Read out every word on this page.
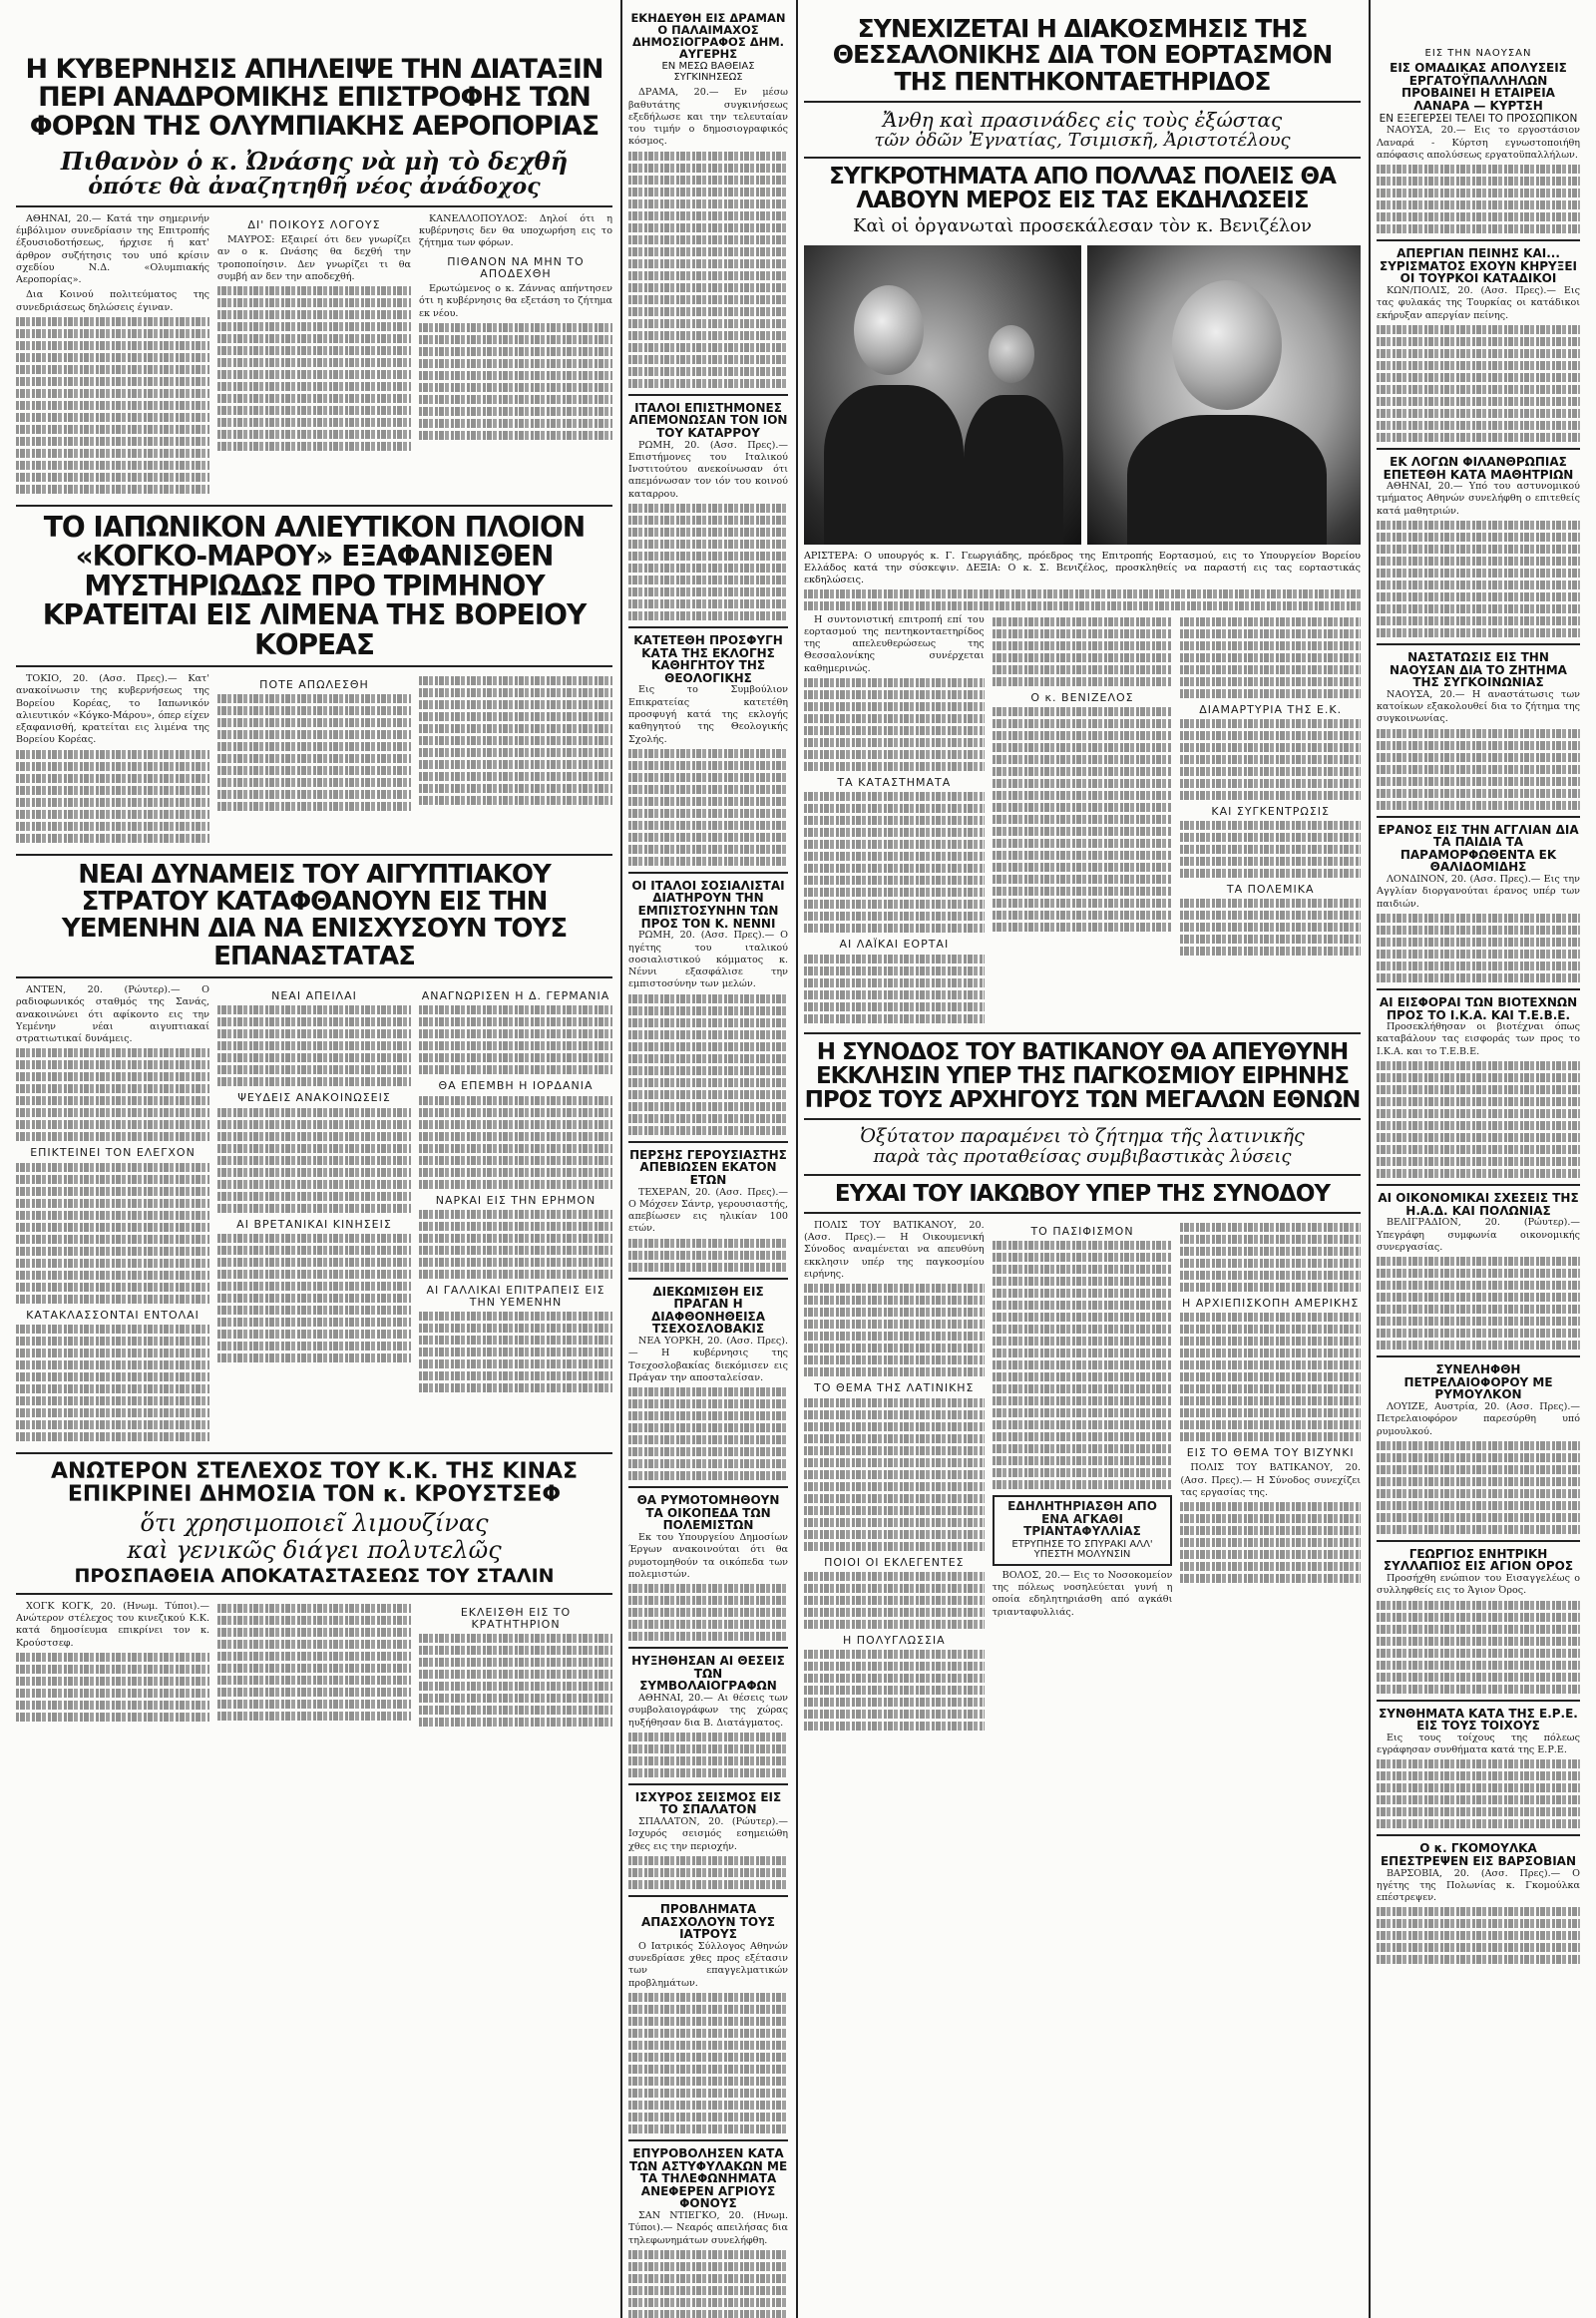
Η ΚΥΒΕΡΝΗΣΙΣ ΑΠΗΛΕΙΨΕ ΤΗΝ ΔΙΑΤΑΞΙΝ ΠΕΡΙ ΑΝΑΔΡΟΜΙΚΗΣ ΕΠΙΣΤΡΟΦΗΣ ΤΩΝ ΦΟΡΩΝ ΤΗΣ ΟΛΥΜΠΙΑΚΗΣ ΑΕΡΟΠΟΡΙΑΣ
Πιθανὸν ὁ κ. Ὠνάσης νὰ μὴ τὸ δεχθῆ
ὁπότε θὰ ἀναζητηθῆ νέος ἀνάδοχος

ΑΘΗΝΑΙ, 20.— Κατά την σημερινήν έμβόλιμον συνεδρίασιν της Επιτροπής έξουσιοδοτήσεως, ήρχισε ή κατ' άρθρον συζήτησις του υπό κρίσιν σχεδίου Ν.Δ. «Ολυμπιακής Αεροπορίας».

Δια Κοινού πολιτεύματος της συνεδριάσεως δηλώσεις έγιναν.

ΔΙ' ΠΟΙΚΟΥΣ ΛΟΓΟΥΣ

ΜΑΥΡΟΣ: Εξαιρεί ότι δεν γνωρίζει αν ο κ. Ωνάσης θα δεχθή την τροποποίησιν. Δεν γνωρίζει τι θα συμβή αν δεν την αποδεχθή.

ΚΑΝΕΛΛΟΠΟΥΛΟΣ: Δηλοί ότι η κυβέρνησις δεν θα υποχωρήση εις το ζήτημα των φόρων.

ΠΙΘΑΝΟΝ ΝΑ ΜΗΝ ΤΟ ΑΠΟΔΕΧΘΗ

Ερωτώμενος ο κ. Ζάννας απήντησεν ότι η κυβέρνησις θα εξετάση το ζήτημα εκ νέου.

ΤΟ ΙΑΠΩΝΙΚΟΝ ΑΛΙΕΥΤΙΚΟΝ ΠΛΟΙΟΝ «ΚΟΓΚΟ-ΜΑΡΟΥ» ΕΞΑΦΑΝΙΣΘΕΝ ΜΥΣΤΗΡΙΩΔΩΣ ΠΡΟ ΤΡΙΜΗΝΟΥ ΚΡΑΤΕΙΤΑΙ ΕΙΣ ΛΙΜΕΝΑ ΤΗΣ ΒΟΡΕΙΟΥ ΚΟΡΕΑΣ

ΤΟΚΙΟ, 20. (Ασσ. Πρες).— Κατ' ανακοίνωσιν της κυβερνήσεως της Βορείου Κορέας, το Ιαπωνικόν αλιευτικόν «Κόγκο-Μάρου», όπερ είχεν εξαφανισθή, κρατείται εις λιμένα της Βορείου Κορέας.

ΠΟΤΕ ΑΠΩΛΕΣΘΗ
ΝΕΑΙ ΔΥΝΑΜΕΙΣ ΤΟΥ ΑΙΓΥΠΤΙΑΚΟΥ ΣΤΡΑΤΟΥ ΚΑΤΑΦΘΑΝΟΥΝ ΕΙΣ ΤΗΝ ΥΕΜΕΝΗΝ ΔΙΑ ΝΑ ΕΝΙΣΧΥΣΟΥΝ ΤΟΥΣ ΕΠΑΝΑΣΤΑΤΑΣ

ΑΝΤΕΝ, 20. (Ρώυτερ).— Ο ραδιοφωνικός σταθμός της Σανάς, ανακοινώνει ότι αφίκοντο εις την Υεμένην νέαι αιγυπτιακαί στρατιωτικαί δυνάμεις.

ΕΠΙΚΤΕΙΝΕΙ ΤΟΝ ΕΛΕΓΧΟΝ
ΚΑΤΑΚΛΑΣΣΟΝΤΑΙ ΕΝΤΟΛΑΙ
ΝΕΑΙ ΑΠΕΙΛΑΙ
ΨΕΥΔΕΙΣ ΑΝΑΚΟΙΝΩΣΕΙΣ
ΑΙ ΒΡΕΤΑΝΙΚΑΙ ΚΙΝΗΣΕΙΣ
ΑΝΑΓΝΩΡΙΣΕΝ Η Δ. ΓΕΡΜΑΝΙΑ
ΘΑ ΕΠΕΜΒΗ Η ΙΟΡΔΑΝΙΑ
ΝΑΡΚΑΙ ΕΙΣ ΤΗΝ ΕΡΗΜΟΝ
ΑΙ ΓΑΛΛΙΚΑΙ ΕΠΙΤΡΑΠΕΙΣ ΕΙΣ ΤΗΝ ΥΕΜΕΝΗΝ
ΑΝΩΤΕΡΟΝ ΣΤΕΛΕΧΟΣ ΤΟΥ Κ.Κ. ΤΗΣ ΚΙΝΑΣ ΕΠΙΚΡΙΝΕΙ ΔΗΜΟΣΙΑ ΤΟΝ κ. ΚΡΟΥΣΤΣΕΦ
ὅτι χρησιμοποιεῖ λιμουζίνας
καὶ γενικῶς διάγει πολυτελῶς
ΠΡΟΣΠΑΘΕΙΑ ΑΠΟΚΑΤΑΣΤΑΣΕΩΣ ΤΟΥ ΣΤΑΛΙΝ

ΧΟΓΚ ΚΟΓΚ, 20. (Ηνωμ. Τύποι).— Ανώτερον στέλεχος του κινεζικού Κ.Κ. κατά δημοσίευμα επικρίνει τον κ. Κρούστσεφ.

ΕΚΛΕΙΣΘΗ ΕΙΣ ΤΟ ΚΡΑΤΗΤΗΡΙΟΝ
ΕΚΗΔΕΥΘΗ ΕΙΣ ΔΡΑΜΑΝ Ο ΠΑΛΑΙΜΑΧΟΣ ΔΗΜΟΣΙΟΓΡΑΦΟΣ ΔΗΜ. ΑΥΓΕΡΗΣ
ΕΝ ΜΕΣΩ ΒΑΘΕΙΑΣ ΣΥΓΚΙΝΗΣΕΩΣ

ΔΡΑΜΑ, 20.— Εν μέσω βαθυτάτης συγκινήσεως εξεδήλωσε και την τελευταίαν του τιμήν ο δημοσιογραφικός κόσμος.

ΙΤΑΛΟΙ ΕΠΙΣΤΗΜΟΝΕΣ ΑΠΕΜΟΝΩΣΑΝ ΤΟΝ ΙΟΝ ΤΟΥ ΚΑΤΑΡΡΟΥ

ΡΩΜΗ, 20. (Ασσ. Πρες).— Επιστήμονες του Ιταλικού Ινστιτούτου ανεκοίνωσαν ότι απεμόνωσαν τον ιόν του κοινού καταρρου.

ΚΑΤΕΤΕΘΗ ΠΡΟΣΦΥΓΗ ΚΑΤΑ ΤΗΣ ΕΚΛΟΓΗΣ ΚΑΘΗΓΗΤΟΥ ΤΗΣ ΘΕΟΛΟΓΙΚΗΣ

Εις το Συμβούλιον Επικρατείας κατετέθη προσφυγή κατά της εκλογής καθηγητού της Θεολογικής Σχολής.

ΟΙ ΙΤΑΛΟΙ ΣΟΣΙΑΛΙΣΤΑΙ ΔΙΑΤΗΡΟΥΝ ΤΗΝ ΕΜΠΙΣΤΟΣΥΝΗΝ ΤΩΝ ΠΡΟΣ ΤΟΝ Κ. ΝΕΝΝΙ

ΡΩΜΗ, 20. (Ασσ. Πρες).— Ο ηγέτης του ιταλικού σοσιαλιστικού κόμματος κ. Νέννι εξασφάλισε την εμπιστοσύνην των μελών.

ΠΕΡΣΗΣ ΓΕΡΟΥΣΙΑΣΤΗΣ ΑΠΕΒΙΩΣΕΝ ΕΚΑΤΟΝ ΕΤΩΝ

ΤΕΧΕΡΑΝ, 20. (Ασσ. Πρες).— Ο Μόχσεν Σάντρ, γερουσιαστής, απεβίωσεν εις ηλικίαν 100 ετών.

ΔΙΕΚΩΜΙΣΘΗ ΕΙΣ ΠΡΑΓΑΝ Η ΔΙΑΦΘΟΝΗΘΕΙΣΑ ΤΣΕΧΟΣΛΟΒΑΚΙΣ

ΝΕΑ ΥΟΡΚΗ, 20. (Ασσ. Πρες).— Η κυβέρνησις της Τσεχοσλοβακίας διεκόμισεν εις Πράγαν την αποσταλείσαν.

ΘΑ ΡΥΜΟΤΟΜΗΘΟΥΝ ΤΑ ΟΙΚΟΠΕΔΑ ΤΩΝ ΠΟΛΕΜΙΣΤΩΝ

Εκ του Υπουργείου Δημοσίων Έργων ανακοινούται ότι θα ρυμοτομηθούν τα οικόπεδα των πολεμιστών.

ΗΥΞΗΘΗΣΑΝ ΑΙ ΘΕΣΕΙΣ ΤΩΝ ΣΥΜΒΟΛΑΙΟΓΡΑΦΩΝ

ΑΘΗΝΑΙ, 20.— Αι θέσεις των συμβολαιογράφων της χώρας ηυξήθησαν δια Β. Διατάγματος.

ΙΣΧΥΡΟΣ ΣΕΙΣΜΟΣ ΕΙΣ ΤΟ ΣΠΑΛΑΤΟΝ

ΣΠΑΛΑΤΟΝ, 20. (Ρώυτερ).— Ισχυρός σεισμός εσημειώθη χθες εις την περιοχήν.

ΠΡΟΒΛΗΜΑΤΑ ΑΠΑΣΧΟΛΟΥΝ ΤΟΥΣ ΙΑΤΡΟΥΣ

Ο Ιατρικός Σύλλογος Αθηνών συνεδρίασε χθες προς εξέτασιν των επαγγελματικών προβλημάτων.

ΕΠΥΡΟΒΟΛΗΣΕΝ ΚΑΤΑ ΤΩΝ ΑΣΤΥΦΥΛΑΚΩΝ ΜΕ ΤΑ ΤΗΛΕΦΩΝΗΜΑΤΑ ΑΝΕΦΕΡΕΝ ΑΓΡΙΟΥΣ ΦΟΝΟΥΣ

ΣΑΝ ΝΤΙΕΓΚΟ, 20. (Ηνωμ. Τύποι).— Νεαρός απειλήσας δια τηλεφωνημάτων συνελήφθη.

ΣΥΝΕΧΙΖΕΤΑΙ Η ΔΙΑΚΟΣΜΗΣΙΣ ΤΗΣ ΘΕΣΣΑΛΟΝΙΚΗΣ ΔΙΑ ΤΟΝ ΕΟΡΤΑΣΜΟΝ ΤΗΣ ΠΕΝΤΗΚΟΝΤΑΕΤΗΡΙΔΟΣ
Ἄνθη καὶ πρασινάδες εἰς τοὺς ἐξώστας
τῶν ὁδῶν Ἐγνατίας, Τσιμισκῆ, Ἀριστοτέλους
ΣΥΓΚΡΟΤΗΜΑΤΑ ΑΠΟ ΠΟΛΛΑΣ ΠΟΛΕΙΣ ΘΑ ΛΑΒΟΥΝ ΜΕΡΟΣ ΕΙΣ ΤΑΣ ΕΚΔΗΛΩΣΕΙΣ
Καὶ οἱ ὀργανωταὶ προσεκάλεσαν τὸν κ. Βενιζέλον
ΑΡΙΣΤΕΡΑ: Ο υπουργός κ. Γ. Γεωργιάδης, πρόεδρος της Επιτροπής Εορτασμού, εις το Υπουργείον Βορείου Ελλάδος κατά την σύσκεψιν. ΔΕΞΙΑ: Ο κ. Σ. Βενιζέλος, προσκληθείς να παραστή εις τας εορταστικάς εκδηλώσεις.

Η συντονιστική επιτροπή επί του εορτασμού της πεντηκονταετηρίδος της απελευθερώσεως της Θεσσαλονίκης συνέρχεται καθημερινώς.

ΤΑ ΚΑΤΑΣΤΗΜΑΤΑ
ΑΙ ΛΑΪΚΑΙ ΕΟΡΤΑΙ
Ο κ. ΒΕΝΙΖΕΛΟΣ
ΔΙΑΜΑΡΤΥΡΙΑ ΤΗΣ Ε.Κ.
ΚΑΙ ΣΥΓΚΕΝΤΡΩΣΙΣ
ΤΑ ΠΟΛΕΜΙΚΑ
Η ΣΥΝΟΔΟΣ ΤΟΥ ΒΑΤΙΚΑΝΟΥ ΘΑ ΑΠΕΥΘΥΝΗ ΕΚΚΛΗΣΙΝ ΥΠΕΡ ΤΗΣ ΠΑΓΚΟΣΜΙΟΥ ΕΙΡΗΝΗΣ ΠΡΟΣ ΤΟΥΣ ΑΡΧΗΓΟΥΣ ΤΩΝ ΜΕΓΑΛΩΝ ΕΘΝΩΝ
Ὀξύτατον παραμένει τὸ ζήτημα τῆς λατινικῆς
παρὰ τὰς προταθείσας συμβιβαστικὰς λύσεις
ΕΥΧΑΙ ΤΟΥ ΙΑΚΩΒΟΥ ΥΠΕΡ ΤΗΣ ΣΥΝΟΔΟΥ

ΠΟΛΙΣ ΤΟΥ ΒΑΤΙΚΑΝΟΥ, 20. (Ασσ. Πρες).— Η Οικουμενική Σύνοδος αναμένεται να απευθύνη εκκλησιν υπέρ της παγκοσμίου ειρήνης.

ΤΟ ΘΕΜΑ ΤΗΣ ΛΑΤΙΝΙΚΗΣ
ΠΟΙΟΙ ΟΙ ΕΚΛΕΓΕΝΤΕΣ
Η ΠΟΛΥΓΛΩΣΣΙΑ
ΤΟ ΠΑΣΙΦΙΣΜΟΝ
ΕΔΗΛΗΤΗΡΙΑΣΘΗ ΑΠΟ ΕΝΑ ΑΓΚΑΘΙ ΤΡΙΑΝΤΑΦΥΛΛΙΑΣ
ΕΤΡΥΠΗΣΕ ΤΟ ΣΠΥΡΑΚΙ ΑΛΛ' ΥΠΕΣΤΗ ΜΟΛΥΝΣΙΝ

ΒΟΛΟΣ, 20.— Εις το Νοσοκομείον της πόλεως νοσηλεύεται γυνή η οποία εδηλητηριάσθη από αγκάθι τριανταφυλλιάς.

Η ΑΡΧΙΕΠΙΣΚΟΠΗ ΑΜΕΡΙΚΗΣ
ΕΙΣ ΤΟ ΘΕΜΑ ΤΟΥ ΒΙΖΥΝΚΙ

ΠΟΛΙΣ ΤΟΥ ΒΑΤΙΚΑΝΟΥ, 20. (Ασσ. Πρες).— Η Σύνοδος συνεχίζει τας εργασίας της.

ΕΙΣ ΤΗΝ ΝΑΟΥΣΑΝ
ΕΙΣ ΟΜΑΔΙΚΑΣ ΑΠΟΛΥΣΕΙΣ ΕΡΓΑΤΟΫΠΑΛΛΗΛΩΝ ΠΡΟΒΑΙΝΕΙ Η ΕΤΑΙΡΕΙΑ ΛΑΝΑΡΑ — ΚΥΡΤΣΗ
ΕΝ ΕΞΕΓΕΡΣΕΙ ΤΕΛΕΙ ΤΟ ΠΡΟΣΩΠΙΚΟΝ

ΝΑΟΥΣΑ, 20.— Εις το εργοστάσιον Λαναρά - Κύρτση εγνωστοποιήθη απόφασις απολύσεως εργατοϋπαλλήλων.

ΑΠΕΡΓΙΑΝ ΠΕΙΝΗΣ ΚΑΙ... ΣΥΡΙΣΜΑΤΟΣ ΕΧΟΥΝ ΚΗΡΥΞΕΙ ΟΙ ΤΟΥΡΚΟΙ ΚΑΤΑΔΙΚΟΙ

ΚΩΝ/ΠΟΛΙΣ, 20. (Ασσ. Πρες).— Εις τας φυλακάς της Τουρκίας οι κατάδικοι εκήρυξαν απεργίαν πείνης.

ΕΚ ΛΟΓΩΝ ΦΙΛΑΝΘΡΩΠΙΑΣ ΕΠΕΤΕΘΗ ΚΑΤΑ ΜΑΘΗΤΡΙΩΝ

ΑΘΗΝΑΙ, 20.— Υπό του αστυνομικού τμήματος Αθηνών συνελήφθη ο επιτεθείς κατά μαθητριών.

ΝΑΣΤΑΤΩΣΙΣ ΕΙΣ ΤΗΝ ΝΑΟΥΣΑΝ ΔΙΑ ΤΟ ΖΗΤΗΜΑ ΤΗΣ ΣΥΓΚΟΙΝΩΝΙΑΣ

ΝΑΟΥΣΑ, 20.— Η αναστάτωσις των κατοίκων εξακολουθεί δια το ζήτημα της συγκοινωνίας.

ΕΡΑΝΟΣ ΕΙΣ ΤΗΝ ΑΓΓΛΙΑΝ ΔΙΑ ΤΑ ΠΑΙΔΙΑ ΤΑ ΠΑΡΑΜΟΡΦΩΘΕΝΤΑ ΕΚ ΘΑΛΙΔΟΜΙΔΗΣ

ΛΟΝΔΙΝΟΝ, 20. (Ασσ. Πρες).— Εις την Αγγλίαν διοργανούται έρανος υπέρ των παιδιών.

ΑΙ ΕΙΣΦΟΡΑΙ ΤΩΝ ΒΙΟΤΕΧΝΩΝ ΠΡΟΣ ΤΟ Ι.Κ.Α. ΚΑΙ Τ.Ε.Β.Ε.

Προσεκλήθησαν οι βιοτέχναι όπως καταβάλουν τας εισφοράς των προς το Ι.Κ.Α. και το Τ.Ε.Β.Ε.

ΑΙ ΟΙΚΟΝΟΜΙΚΑΙ ΣΧΕΣΕΙΣ ΤΗΣ Η.Α.Δ. ΚΑΙ ΠΟΛΩΝΙΑΣ

ΒΕΛΙΓΡΑΔΙΟΝ, 20. (Ρώυτερ).— Υπεγράφη συμφωνία οικονομικής συνεργασίας.

ΣΥΝΕΛΗΦΘΗ ΠΕΤΡΕΛΑΙΟΦΟΡΟΥ ΜΕ ΡΥΜΟΥΛΚΟΝ

ΛΟΥΙΖΕ, Αυστρία, 20. (Ασσ. Πρες).— Πετρελαιοφόρον παρεσύρθη υπό ρυμουλκού.

ΓΕΩΡΓΙΟΣ ΕΝΗΤΡΙΚΗ ΣΥΛΛΑΠΙΟΣ ΕΙΣ ΑΓΙΟΝ ΟΡΟΣ

Προσήχθη ενώπιον του Εισαγγελέως ο συλληφθείς εις το Άγιον Όρος.

ΣΥΝΘΗΜΑΤΑ ΚΑΤΑ ΤΗΣ Ε.Ρ.Ε. ΕΙΣ ΤΟΥΣ ΤΟΙΧΟΥΣ

Εις τους τοίχους της πόλεως εγράφησαν συνθήματα κατά της Ε.Ρ.Ε.

Ο κ. ΓΚΟΜΟΥΛΚΑ ΕΠΕΣΤΡΕΨΕΝ ΕΙΣ ΒΑΡΣΟΒΙΑΝ

ΒΑΡΣΟΒΙΑ, 20. (Ασσ. Πρες).— Ο ηγέτης της Πολωνίας κ. Γκομούλκα επέστρεψεν.
